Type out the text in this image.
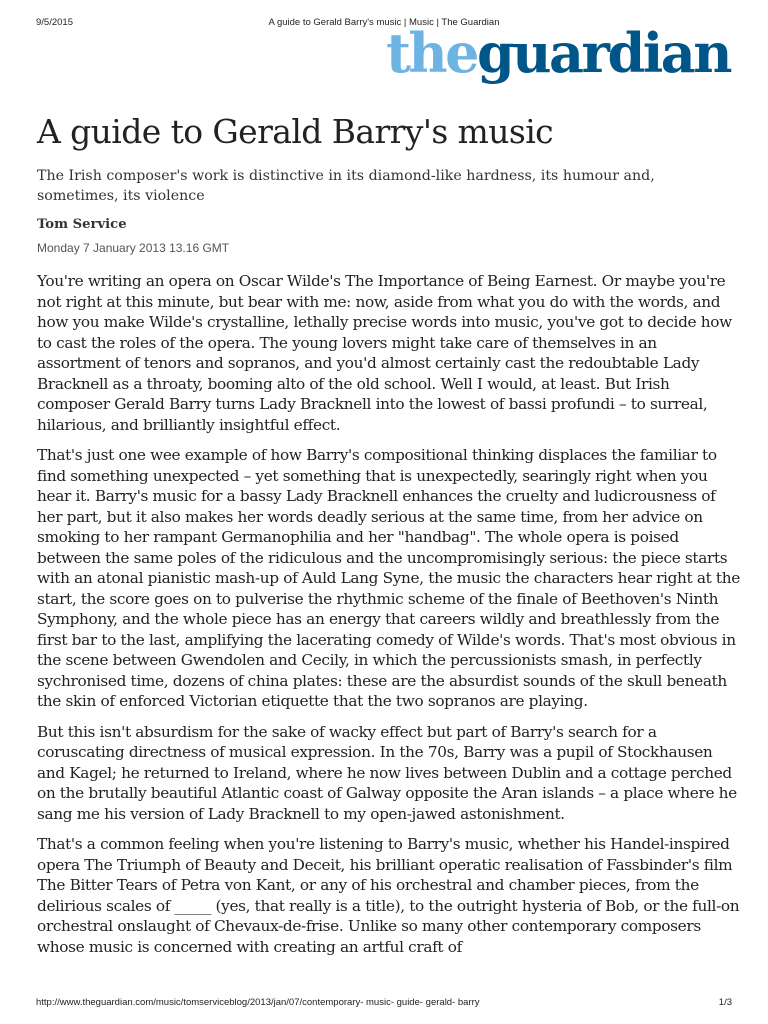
9/5/2015	A guide to Gerald Barry's music | Music | The Guardian
theguardian
A guide to Gerald Barry's music
The Irish composer's work is distinctive in its diamond-like hardness, its humour and, sometimes, its violence
Tom Service
Monday 7 January 2013 13.16 GMT

You're writing an opera on Oscar Wilde's The Importance of Being Earnest. Or maybe you're not right at this minute, but bear with me: now, aside from what you do with the words, and how you make Wilde's crystalline, lethally precise words into music, you've got to decide how to cast the roles of the opera. The young lovers might take care of themselves in an assortment of tenors and sopranos, and you'd almost certainly cast the redoubtable Lady Bracknell as a throaty, booming alto of the old school. Well I would, at least. But Irish composer Gerald Barry turns Lady Bracknell into the lowest of bassi profundi – to surreal, hilarious, and brilliantly insightful effect.

That's just one wee example of how Barry's compositional thinking displaces the familiar to find something unexpected – yet something that is unexpectedly, searingly right when you hear it. Barry's music for a bassy Lady Bracknell enhances the cruelty and ludicrousness of her part, but it also makes her words deadly serious at the same time, from her advice on smoking to her rampant Germanophilia and her "handbag". The whole opera is poised between the same poles of the ridiculous and the uncompromisingly serious: the piece starts with an atonal pianistic mash-up of Auld Lang Syne, the music the characters hear right at the start, the score goes on to pulverise the rhythmic scheme of the finale of Beethoven's Ninth Symphony, and the whole piece has an energy that careers wildly and breathlessly from the first bar to the last, amplifying the lacerating comedy of Wilde's words. That's most obvious in the scene between Gwendolen and Cecily, in which the percussionists smash, in perfectly sychronised time, dozens of china plates: these are the absurdist sounds of the skull beneath the skin of enforced Victorian etiquette that the two sopranos are playing.

But this isn't absurdism for the sake of wacky effect but part of Barry's search for a coruscating directness of musical expression. In the 70s, Barry was a pupil of Stockhausen and Kagel; he returned to Ireland, where he now lives between Dublin and a cottage perched on the brutally beautiful Atlantic coast of Galway opposite the Aran islands – a place where he sang me his version of Lady Bracknell to my open-jawed astonishment.

That's a common feeling when you're listening to Barry's music, whether his Handel-inspired opera The Triumph of Beauty and Deceit, his brilliant operatic realisation of Fassbinder's film The Bitter Tears of Petra von Kant, or any of his orchestral and chamber pieces, from the delirious scales of _____ (yes, that really is a title), to the outright hysteria of Bob, or the full-on orchestral onslaught of Chevaux-de-frise. Unlike so many other contemporary composers whose music is concerned with creating an artful craft of

http://www.theguardian.com/music/tomserviceblog/2013/jan/07/contemporary- music- guide- gerald- barry	1/3
